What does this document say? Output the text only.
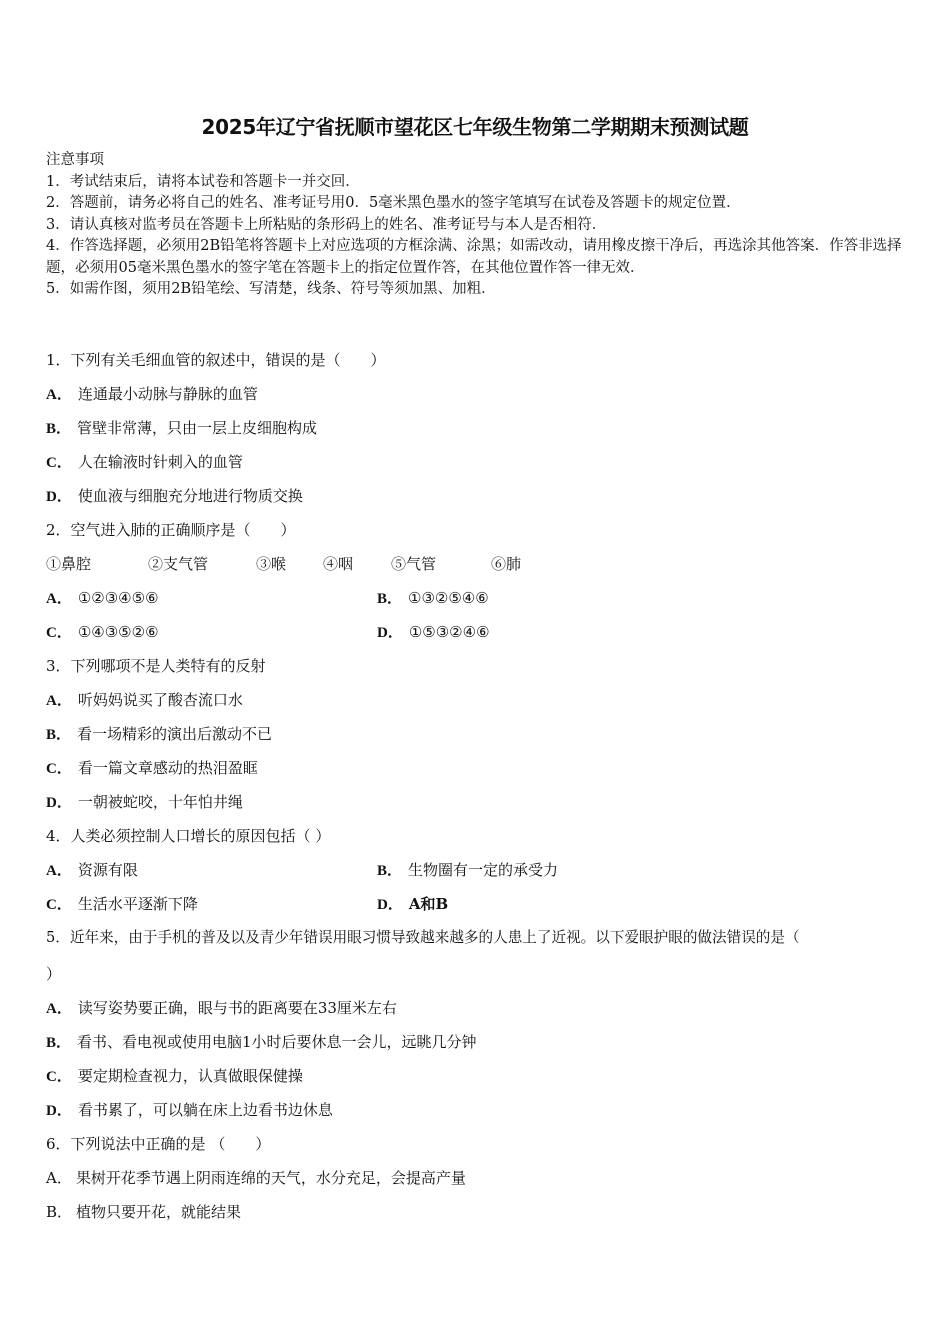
2025年辽宁省抚顺市望花区七年级生物第二学期期末预测试题
注意事项
1．考试结束后，请将本试卷和答题卡一并交回．
2．答题前，请务必将自己的姓名、准考证号用0．5毫米黑色墨水的签字笔填写在试卷及答题卡的规定位置．
3．请认真核对监考员在答题卡上所粘贴的条形码上的姓名、准考证号与本人是否相符．
4．作答选择题，必须用2B铅笔将答题卡上对应选项的方框涂满、涂黑；如需改动，请用橡皮擦干净后，再选涂其他答案．作答非选择题，必须用05毫米黑色墨水的签字笔在答题卡上的指定位置作答，在其他位置作答一律无效．
5．如需作图，须用2B铅笔绘、写清楚，线条、符号等须加黑、加粗．
1．下列有关毛细血管的叙述中，错误的是（　　）
A． 连通最小动脉与静脉的血管
B． 管壁非常薄，只由一层上皮细胞构成
C． 人在输液时针刺入的血管
D． 使血液与细胞充分地进行物质交换
2．空气进入肺的正确顺序是（　　）
①鼻腔	②支气管	③喉 ④咽	⑤气管	⑥肺
A． ①②③④⑤⑥	B． ①③②⑤④⑥
C． ①④③⑤②⑥	D． ①⑤③②④⑥
3．下列哪项不是人类特有的反射
A． 听妈妈说买了酸杏流口水
B． 看一场精彩的演出后激动不已
C． 看一篇文章感动的热泪盈眶
D． 一朝被蛇咬，十年怕井绳
4．人类必须控制人口增长的原因包括（ ）
A． 资源有限	B． 生物圈有一定的承受力
C． 生活水平逐渐下降	D． A和B
5．近年来，由于手机的普及以及青少年错误用眼习惯导致越来越多的人患上了近视。以下爱眼护眼的做法错误的是（
）
A． 读写姿势要正确，眼与书的距离要在33厘米左右
B． 看书、看电视或使用电脑1小时后要休息一会儿，远眺几分钟
C． 要定期检查视力，认真做眼保健操
D． 看书累了，可以躺在床上边看书边休息
6．下列说法中正确的是 （　　）
A． 果树开花季节遇上阴雨连绵的天气，水分充足，会提高产量
B． 植物只要开花，就能结果
